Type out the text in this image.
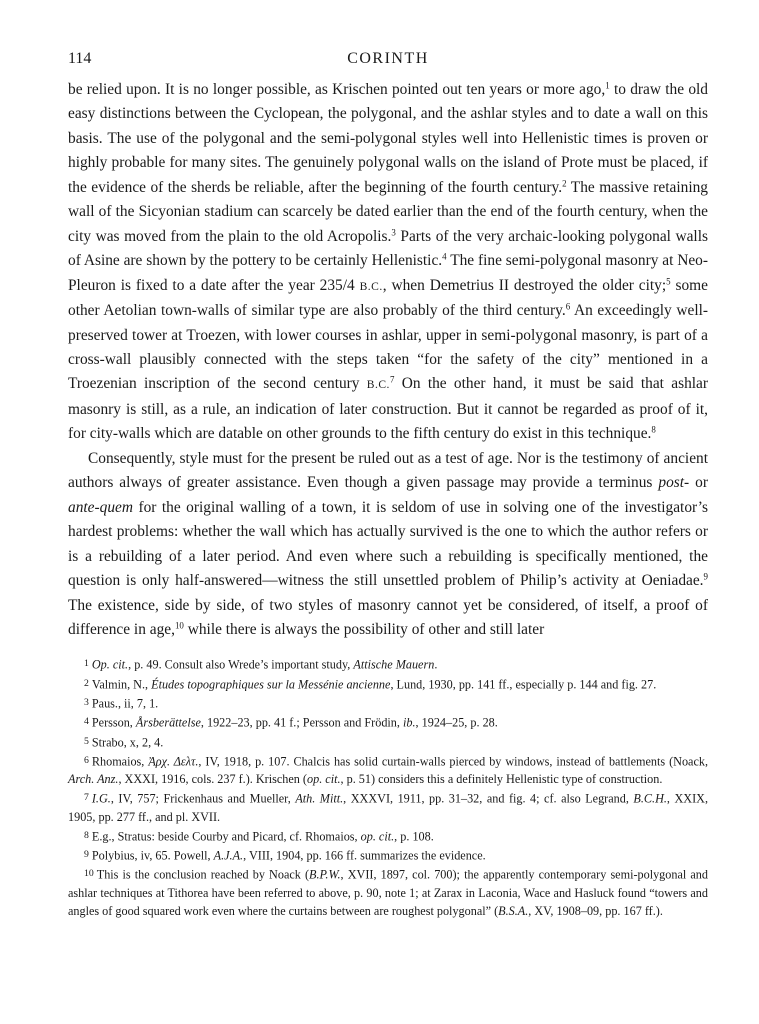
114	CORINTH

be relied upon. It is no longer possible, as Krischen pointed out ten years or more ago,$^1$ to draw the old easy distinctions between the Cyclopean, the polygonal, and the ashlar styles and to date a wall on this basis. The use of the polygonal and the semi-polygonal styles well into Hellenistic times is proven or highly probable for many sites. The genuinely polygonal walls on the island of Prote must be placed, if the evidence of the sherds be reliable, after the beginning of the fourth century.$^2$ The massive retaining wall of the Sicyonian stadium can scarcely be dated earlier than the end of the fourth century, when the city was moved from the plain to the old Acropolis.$^3$ Parts of the very archaic-looking polygonal walls of Asine are shown by the pottery to be certainly Hellenistic.$^4$ The fine semi-polygonal masonry at Neo-Pleuron is fixed to a date after the year 235/4 B.C., when Demetrius II destroyed the older city;$^5$ some other Aetolian town-walls of similar type are also probably of the third century.$^6$ An exceedingly well-preserved tower at Troezen, with lower courses in ashlar, upper in semi-polygonal masonry, is part of a cross-wall plausibly connected with the steps taken “for the safety of the city” mentioned in a Troezenian inscription of the second century B.C.$^7$ On the other hand, it must be said that ashlar masonry is still, as a rule, an indication of later construction. But it cannot be regarded as proof of it, for city-walls which are datable on other grounds to the fifth century do exist in this technique.$^8$

Consequently, style must for the present be ruled out as a test of age. Nor is the testimony of ancient authors always of greater assistance. Even though a given passage may provide a terminus post- or ante-quem for the original walling of a town, it is seldom of use in solving one of the investigator’s hardest problems: whether the wall which has actually survived is the one to which the author refers or is a rebuilding of a later period. And even where such a rebuilding is specifically mentioned, the question is only half-answered—witness the still unsettled problem of Philip’s activity at Oeniadae.$^9$ The existence, side by side, of two styles of masonry cannot yet be considered, of itself, a proof of difference in age,$^{10}$ while there is always the possibility of other and still later

$^1$ Op. cit., p. 49. Consult also Wrede’s important study, Attische Mauern.

$^2$ Valmin, N., Études topographiques sur la Messénie ancienne, Lund, 1930, pp. 141 ff., especially p. 144 and fig. 27.

$^3$ Paus., ii, 7, 1.

$^4$ Persson, Årsberättelse, 1922–23, pp. 41 f.; Persson and Frödin, ib., 1924–25, p. 28.

$^5$ Strabo, x, 2, 4.

$^6$ Rhomaios, Ἀρχ. Δελτ., IV, 1918, p. 107. Chalcis has solid curtain-walls pierced by windows, instead of battlements (Noack, Arch. Anz., XXXI, 1916, cols. 237 f.). Krischen (op. cit., p. 51) considers this a definitely Hellenistic type of construction.

$^7$ I.G., IV, 757; Frickenhaus and Mueller, Ath. Mitt., XXXVI, 1911, pp. 31–32, and fig. 4; cf. also Legrand, B.C.H., XXIX, 1905, pp. 277 ff., and pl. XVII.

$^8$ E.g., Stratus: beside Courby and Picard, cf. Rhomaios, op. cit., p. 108.

$^9$ Polybius, iv, 65. Powell, A.J.A., VIII, 1904, pp. 166 ff. summarizes the evidence.

$^{10}$ This is the conclusion reached by Noack (B.P.W., XVII, 1897, col. 700); the apparently contemporary semi-polygonal and ashlar techniques at Tithorea have been referred to above, p. 90, note 1; at Zarax in Laconia, Wace and Hasluck found “towers and angles of good squared work even where the curtains between are roughest polygonal” (B.S.A., XV, 1908–09, pp. 167 ff.).
